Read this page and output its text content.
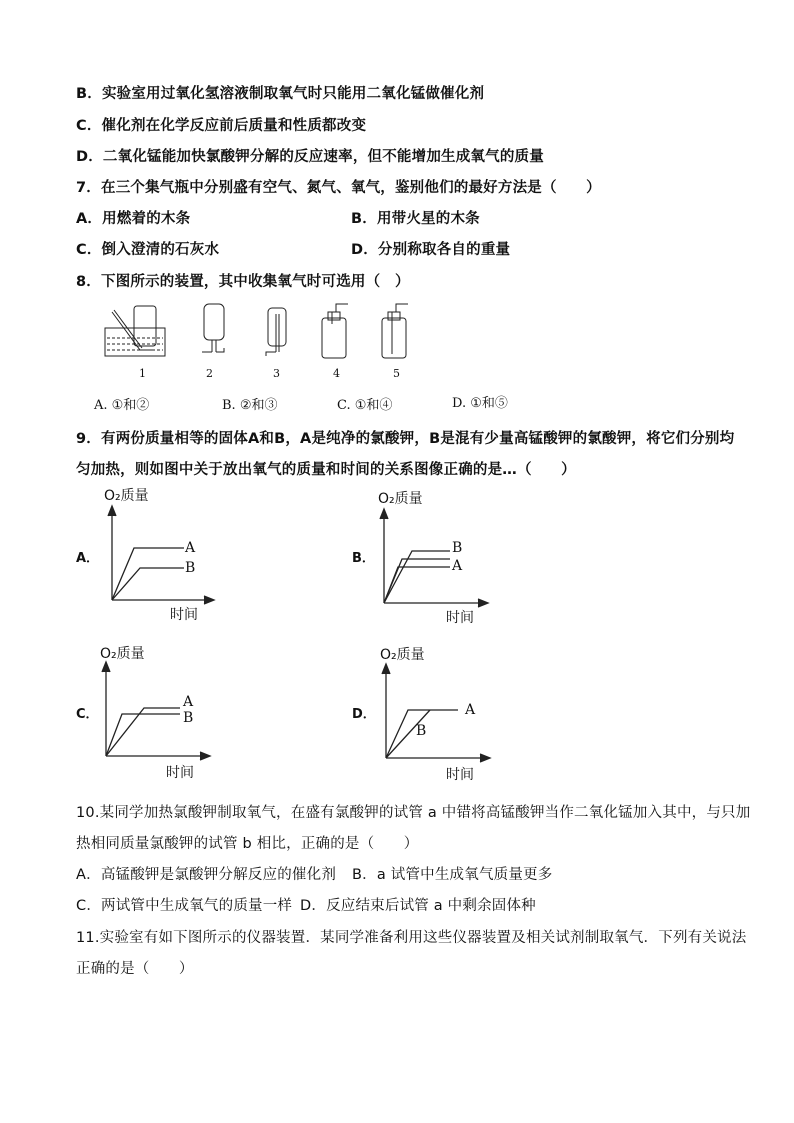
B．实验室用过氧化氢溶液制取氧气时只能用二氧化锰做催化剂
C．催化剂在化学反应前后质量和性质都改变
D．二氧化锰能加快氯酸钾分解的反应速率，但不能增加生成氧气的质量
7．在三个集气瓶中分别盛有空气、氮气、氧气，鉴别他们的最好方法是（　　）
A．用燃着的木条	B．用带火星的木条
C．倒入澄清的石灰水	D．分别称取各自的重量
8．下图所示的装置，其中收集氧气时可选用（　）
1	2	3	4	5
A. ①和②	B. ②和③	C. ①和④	D. ①和⑤
9．有两份质量相等的固体A和B，A是纯净的氯酸钾，B是混有少量高锰酸钾的氯酸钾，将它们分别均
匀加热，则如图中关于放出氧气的质量和时间的关系图像正确的是…（　　）
O₂质量
A．
A
B
时间
O₂质量
B．
B
A
时间
O₂质量
C．
A
B
时间
O₂质量
D．	A
B
时间
10.某同学加热氯酸钾制取氧气，在盛有氯酸钾的试管 a 中错将高锰酸钾当作二氧化锰加入其中，与只加
热相同质量氯酸钾的试管 b 相比，正确的是（　　）
A．高锰酸钾是氯酸钾分解反应的催化剂 B．a 试管中生成氧气质量更多
C．两试管中生成氧气的质量一样 D．反应结束后试管 a 中剩余固体种
11.实验室有如下图所示的仪器装置．某同学准备利用这些仪器装置及相关试剂制取氧气．下列有关说法
正确的是（　　）
